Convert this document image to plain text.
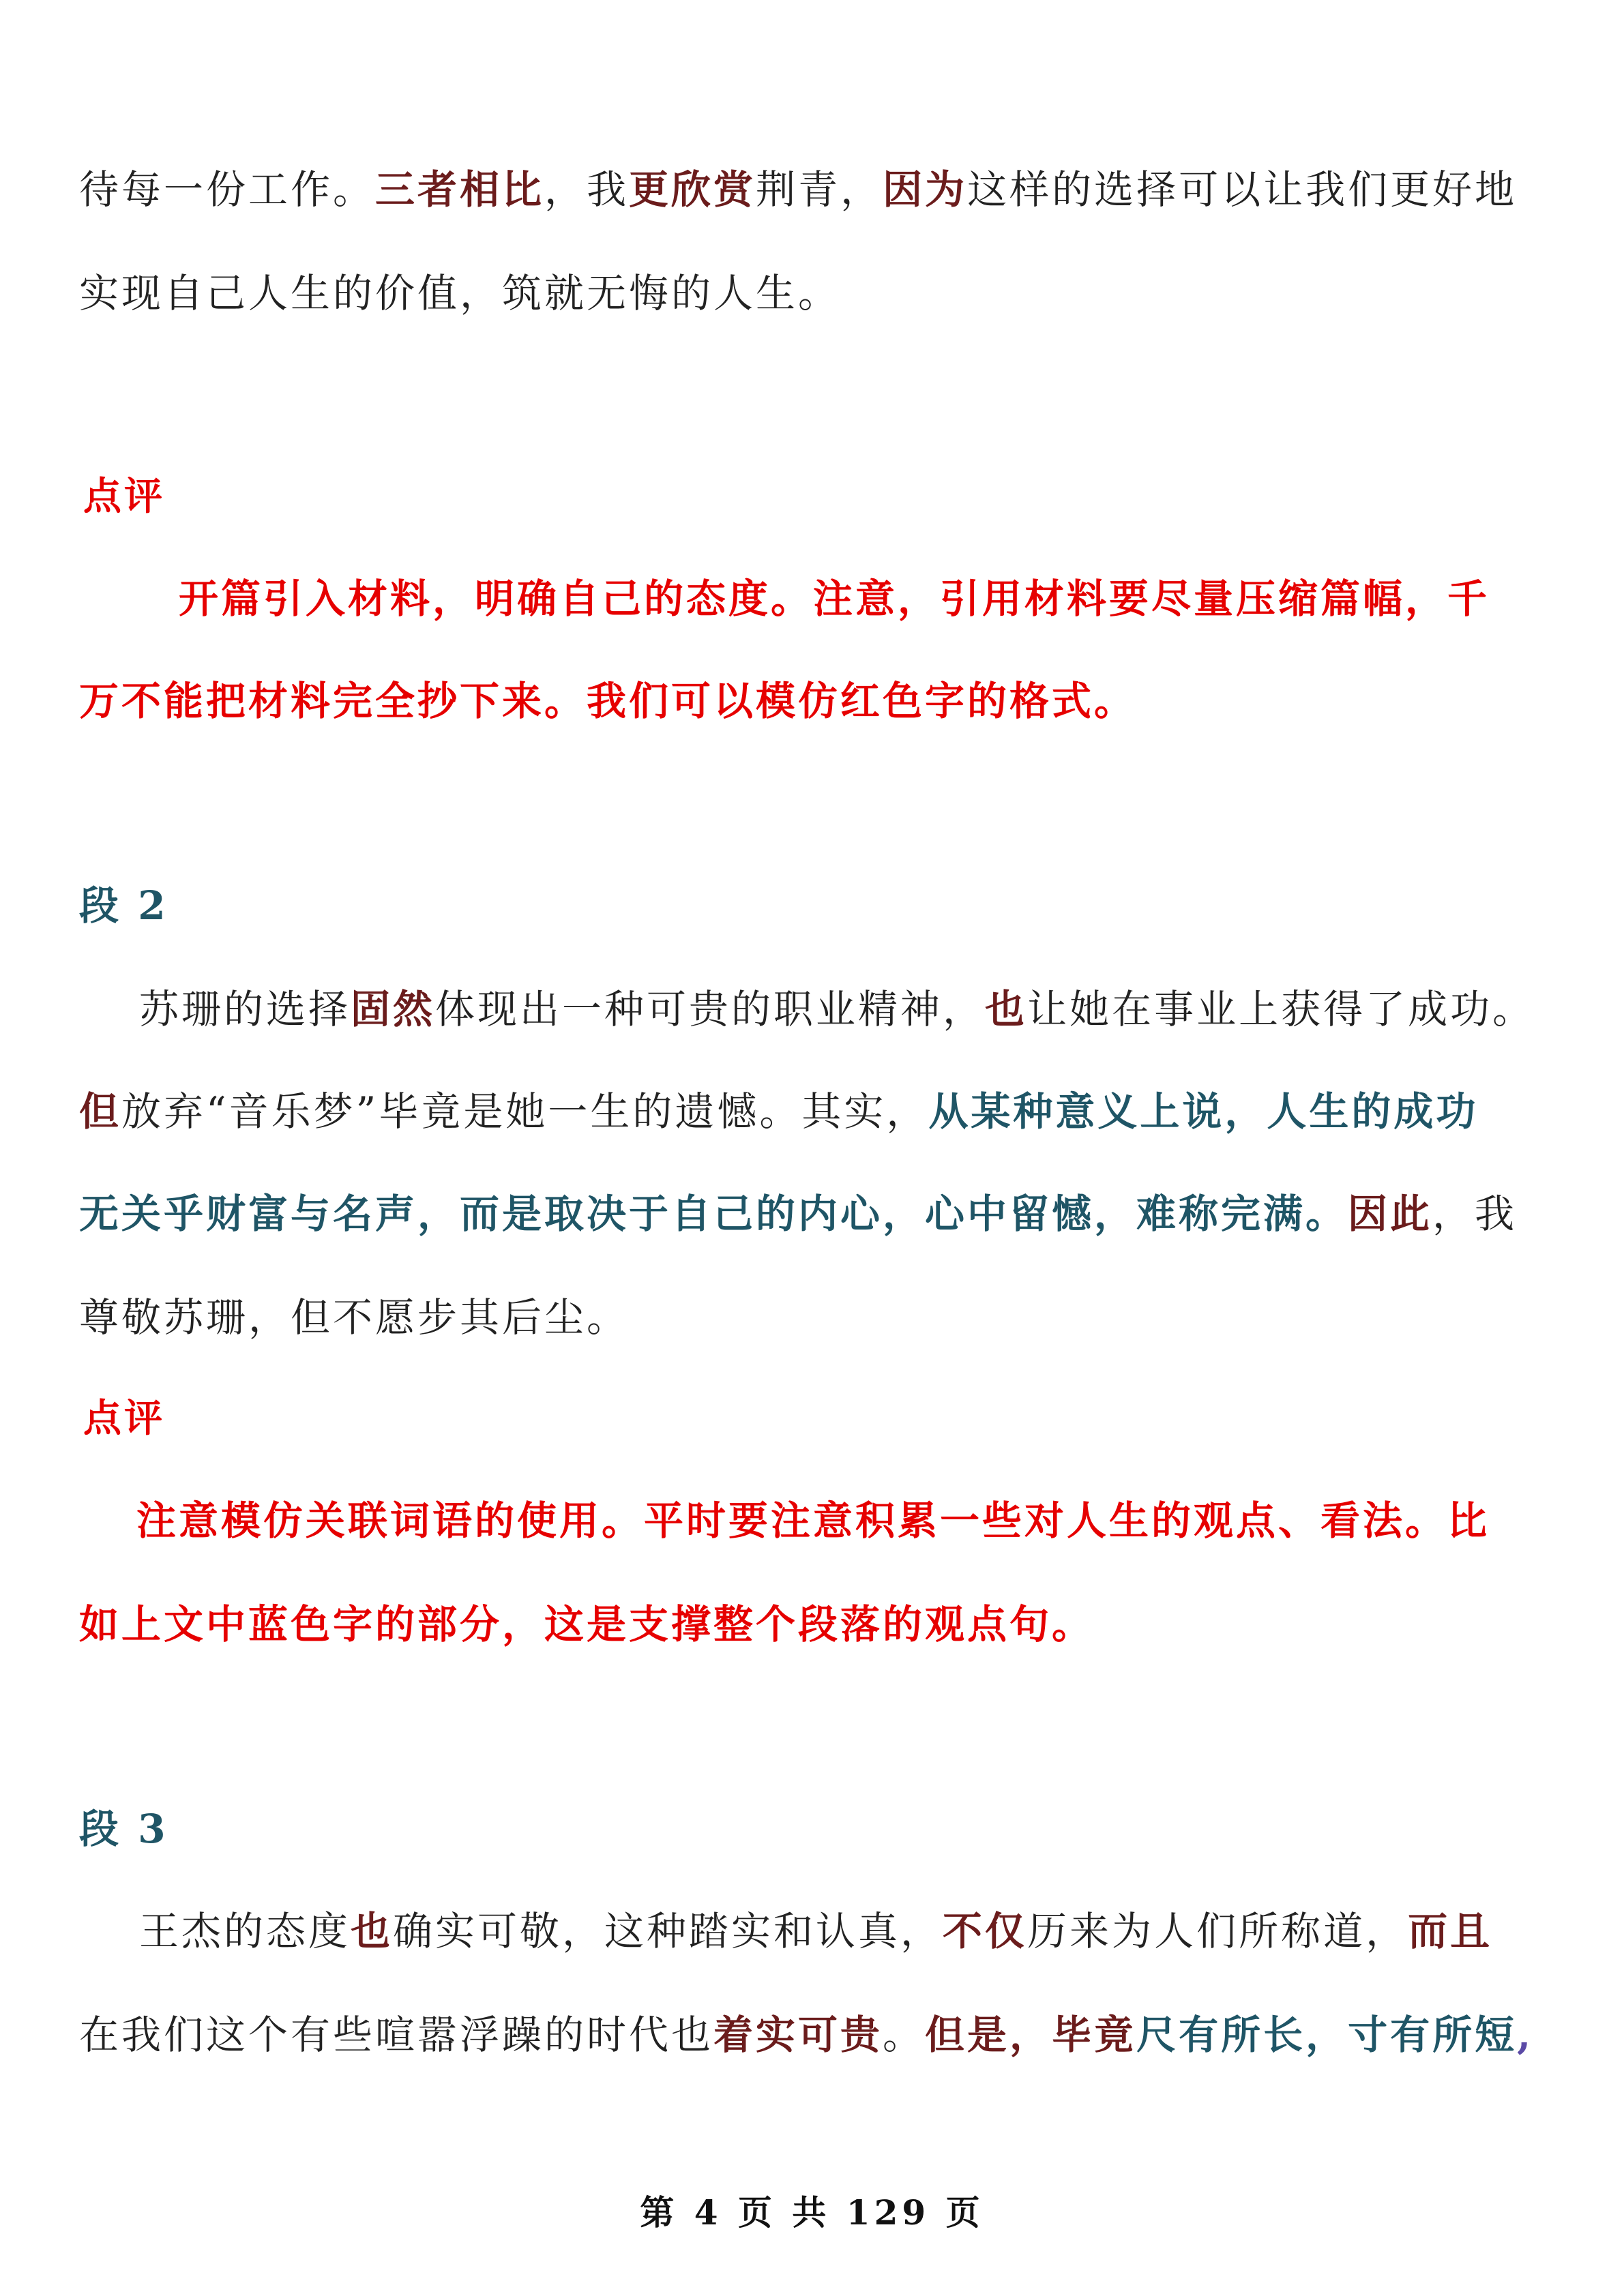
待每一份工作。三者相比，我更欣赏荆青，因为这样的选择可以让我们更好地
实现自己人生的价值，筑就无悔的人生。
点评
开篇引入材料，明确自己的态度。注意，引用材料要尽量压缩篇幅，千
万不能把材料完全抄下来。我们可以模仿红色字的格式。
段 2
苏珊的选择固然体现出一种可贵的职业精神，也让她在事业上获得了成功。
但放弃“音乐梦”毕竟是她一生的遗憾。其实，从某种意义上说，人生的成功
无关乎财富与名声，而是取决于自己的内心，心中留憾，难称完满。因此，我
尊敬苏珊，但不愿步其后尘。
点评
注意模仿关联词语的使用。平时要注意积累一些对人生的观点、看法。比
如上文中蓝色字的部分，这是支撑整个段落的观点句。
段 3
王杰的态度也确实可敬，这种踏实和认真，不仅历来为人们所称道，而且
在我们这个有些喧嚣浮躁的时代也着实可贵。但是，毕竟尺有所长，寸有所短,
第 4 页 共 129 页
